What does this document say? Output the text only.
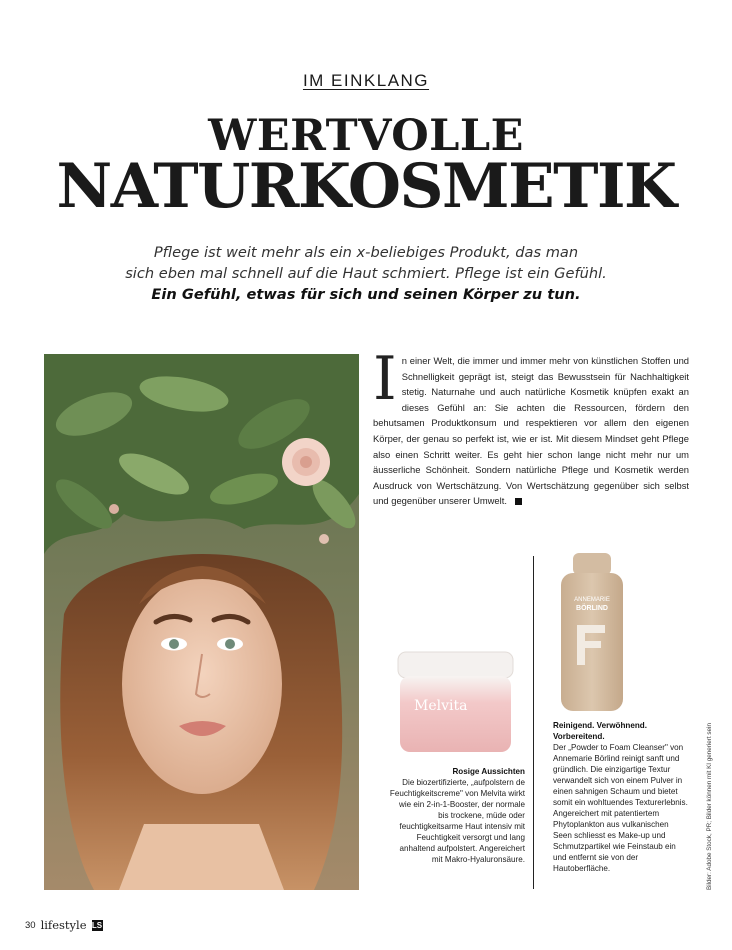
IM EINKLANG
WERTVOLLE
NATURKOSMETIK
Pflege ist weit mehr als ein x-beliebiges Produkt, das man
sich eben mal schnell auf die Haut schmiert. Pflege ist ein Gefühl.
Ein Gefühl, etwas für sich und seinen Körper zu tun.
In einer Welt, die immer und immer mehr von künstlichen Stoffen und Schnelligkeit geprägt ist, steigt das Bewusstsein für Nachhaltigkeit stetig. Naturnahe und auch natürliche Kosmetik knüpfen exakt an dieses Gefühl an: Sie achten die Ressourcen, fördern den behutsamen Produktkonsum und respektieren vor allem den eigenen Körper, der genau so perfekt ist, wie er ist. Mit diesem Mindset geht Pflege also einen Schritt weiter. Es geht hier schon lange nicht mehr nur um äusserliche Schönheit. Sondern natürliche Pflege und Kosmetik werden Ausdruck von Wertschätzung. Von Wertschätzung gegenüber sich selbst und gegenüber unserer Umwelt.
Melvita
ANNEMARIE
BÖRLIND
Rosige Aussichten
Die biozertifizierte, „aufpolstern de Feuchtigkeitscreme" von Melvita wirkt wie ein 2-in-1-Booster, der normale bis trockene, müde oder feuchtigkeitsarme Haut intensiv mit Feuchtigkeit versorgt und lang anhaltend aufpolstert. Angereichert mit Makro-Hyaluronsäure.
Reinigend. Verwöhnend. Vorbereitend.
Der „Powder to Foam Cleanser" von Annemarie Börlind reinigt sanft und gründlich. Die einzigartige Textur verwandelt sich von einem Pulver in einen sahnigen Schaum und bietet somit ein wohltuendes Texturerlebnis. Angereichert mit patentiertem Phytoplankton aus vulkanischen Seen schliesst es Make-up und Schmutzpartikel wie Feinstaub ein und entfernt sie von der Hautoberfläche.	Bilder: Adobe Stock, PR; Bilder können mit KI generiert sein
30 lifestyle LS
